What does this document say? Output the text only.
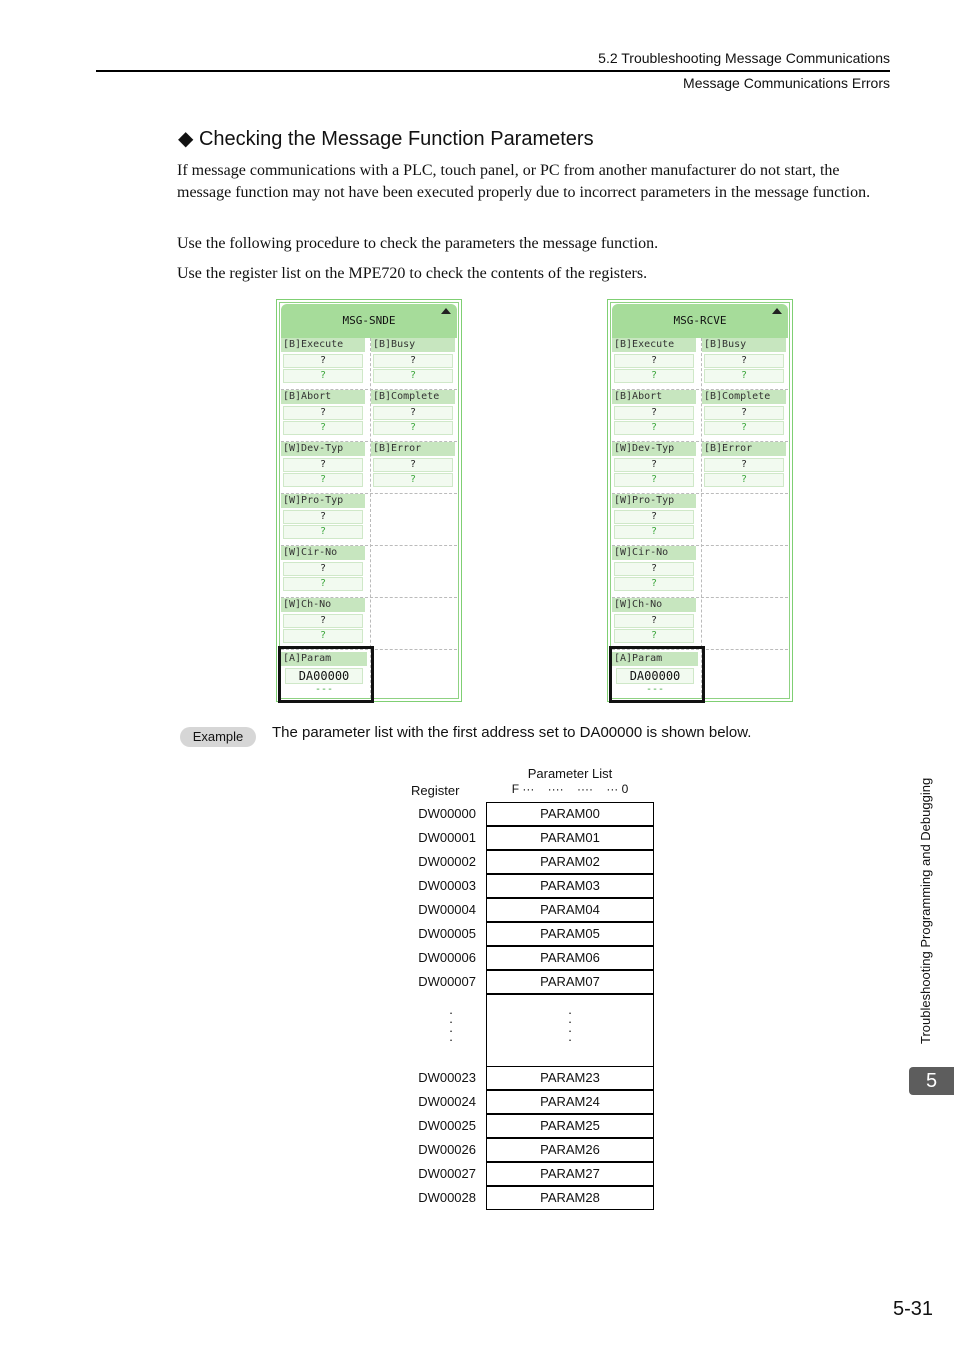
5.2 Troubleshooting Message Communications
Message Communications Errors
◆ Checking the Message Function Parameters
If message communications with a PLC, touch panel, or PC from another manufacturer do not start, the message function may not have been executed properly due to incorrect parameters in the message function.
Use the following procedure to check the parameters the message function.
Use the register list on the MPE720 to check the contents of the registers.
MSG-SNDE
[B]Execute
?
?
[B]Busy
?
?
[B]Abort
?
?
[B]Complete
?
?
[W]Dev-Typ
?
?
[B]Error
?
?
[W]Pro-Typ
?
?
[W]Cir-No
?
?
[W]Ch-No
?
?
[A]Param
DA00000
---
MSG-RCVE
[B]Execute
?
?
[B]Busy
?
?
[B]Abort
?
?
[B]Complete
?
?
[W]Dev-Typ
?
?
[B]Error
?
?
[W]Pro-Typ
?
?
[W]Cir-No
?
?
[W]Ch-No
?
?
[A]Param
DA00000
---
Example	The parameter list with the first address set to DA00000 is shown below.
Parameter List
Register	F ···    ····    ····    ··· 0
DW00000	PARAM00
DW00001	PARAM01
DW00002	PARAM02
DW00003	PARAM03
DW00004	PARAM04
DW00005	PARAM05
DW00006	PARAM06
DW00007	PARAM07
·
·
·
·
·
·
·
·
DW00023	PARAM23
DW00024	PARAM24
DW00025	PARAM25
DW00026	PARAM26
DW00027	PARAM27
DW00028	PARAM28
Troubleshooting Programming and Debugging
5
5-31
